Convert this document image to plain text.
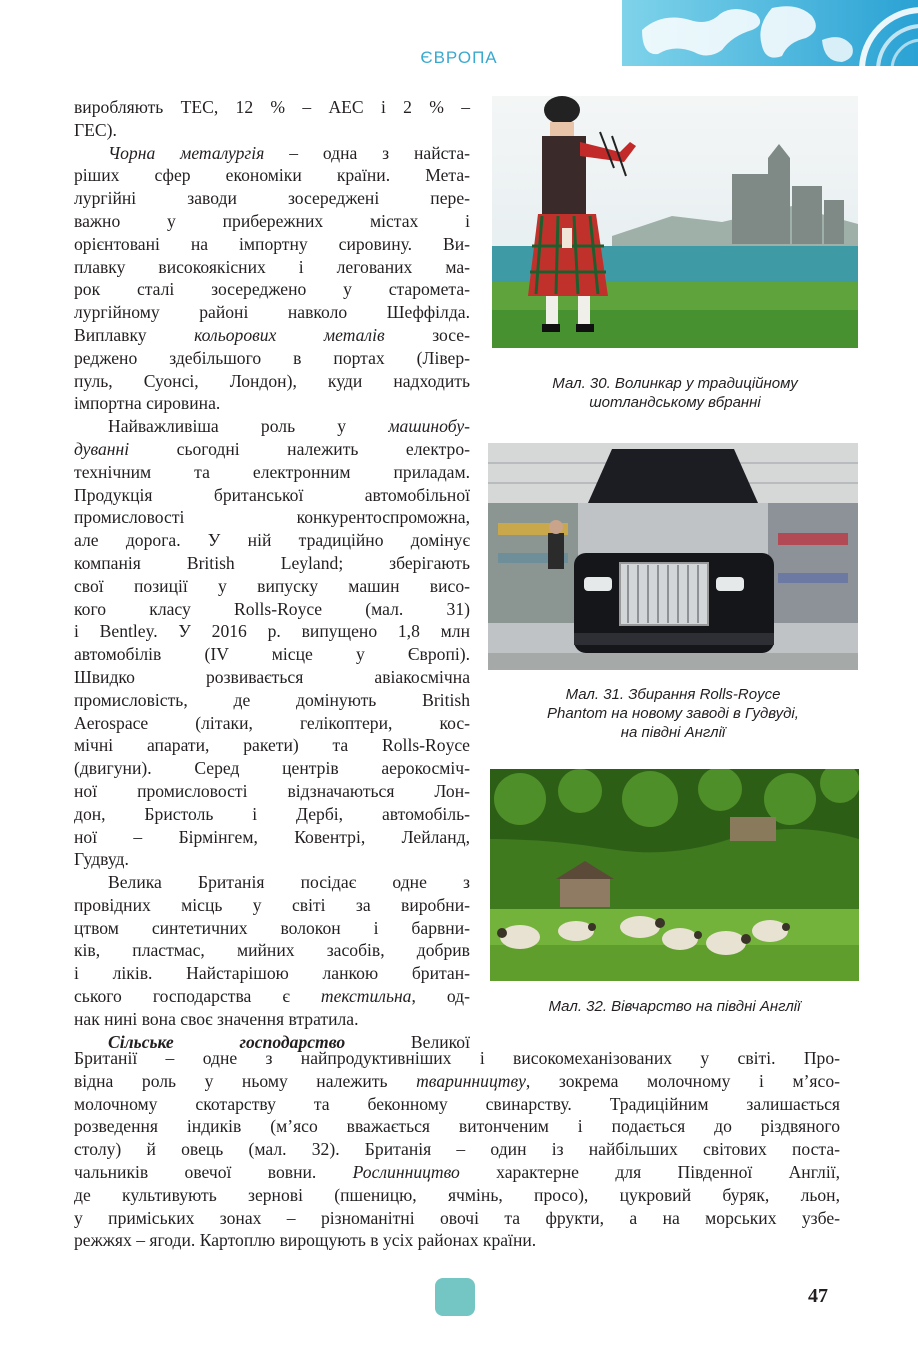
ЄВРОПА

виробляють ТЕС, 12 % – АЕС і 2 % –
ГЕС).

Чорна металургія – одна з найста-
ріших сфер економіки країни. Мета-
лургійні заводи зосереджені пере-
важно у прибережних містах і
орієнтовані на імпортну сировину. Ви-
плавку високоякісних і легованих ма-
рок сталі зосереджено у старомета-
лургійному районі навколо Шеффілда.
Виплавку кольорових металів зосе-
реджено здебільшого в портах (Лівер-
пуль, Суонсі, Лондон), куди надходить
імпортна сировина.

Найважливіша роль у машинобу-
дуванні сьогодні належить електро-
технічним та електронним приладам.
Продукція британської автомобільної
промисловості конкурентоспроможна,
але дорога. У ній традиційно домінує
компанія British Leyland; зберігають
свої позиції у випуску машин висо-
кого класу Rolls-Royce (мал. 31)
і Bentley. У 2016 р. випущено 1,8 млн
автомобілів (IV місце у Європі).
Швидко розвивається авіакосмічна
промисловість, де домінують British
Aerospace (літаки, гелікоптери, кос-
мічні апарати, ракети) та Rolls-Royce
(двигуни). Серед центрів аерокосміч-
ної промисловості відзначаються Лон-
дон, Бристоль і Дербі, автомобіль-
ної – Бірмінгем, Ковентрі, Лейланд,
Гудвуд.

Велика Британія посідає одне з
провідних місць у світі за виробни-
цтвом синтетичних волокон і барвни-
ків, пластмас, мийних засобів, добрив
і ліків. Найстарішою ланкою британ-
ського господарства є текстильна, од-
нак нині вона своє значення втратила.

Сільське господарство Великої

Британії – одне з найпродуктивніших і високомеханізованих у світі. Про-
відна роль у ньому належить тваринництву, зокрема молочному і м’ясо-
молочному скотарству та беконному свинарству. Традиційним залишається
розведення індиків (м’ясо вважається витонченим і подається до різдвяного
столу) й овець (мал. 32). Британія – один із найбільших світових поста-
чальників овечої вовни. Рослинництво характерне для Південної Англії,
де культивують зернові (пшеницю, ячмінь, просо), цукровий буряк, льон,
у приміських зонах – різноманітні овочі та фрукти, а на морських узбе-
режжях – ягоди. Картоплю вирощують в усіх районах країни.

Мал. 30. Волинкар у традиційному
шотландському вбранні
Мал. 31. Збирання Rolls-Royce
Phantom на новому заводі в Гудвуді,
на півдні Англії
Мал. 32. Вівчарство на півдні Англії
47
